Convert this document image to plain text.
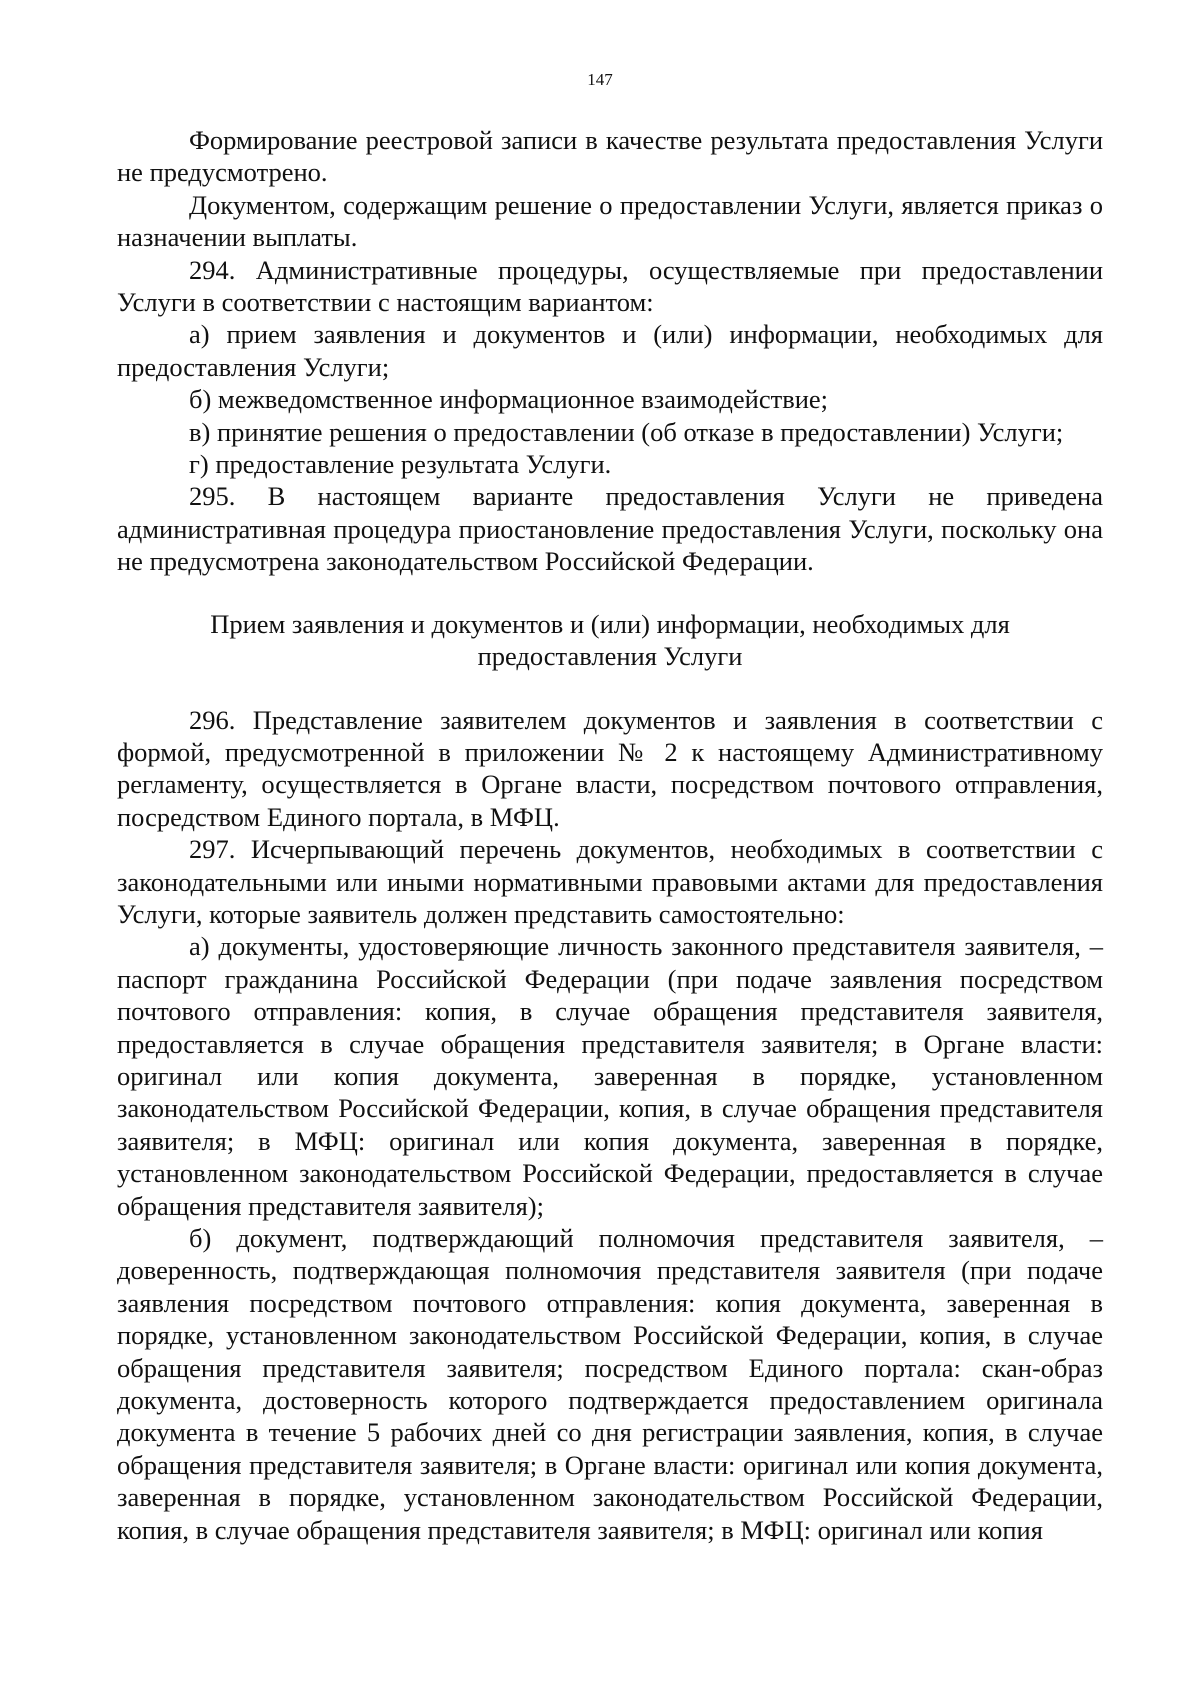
147

Формирование реестровой записи в качестве результата предоставления Услуги не предусмотрено.

Документом, содержащим решение о предоставлении Услуги, является приказ о назначении выплаты.

294. Административные процедуры, осуществляемые при предоставлении Услуги в соответствии с настоящим вариантом:

а) прием заявления и документов и (или) информации, необходимых для предоставления Услуги;

б) межведомственное информационное взаимодействие;

в) принятие решения о предоставлении (об отказе в предоставлении) Услуги;

г) предоставление результата Услуги.

295. В настоящем варианте предоставления Услуги не приведена административная процедура приостановление предоставления Услуги, поскольку она не предусмотрена законодательством Российской Федерации.

Прием заявления и документов и (или) информации, необходимых для предоставления Услуги

296. Представление заявителем документов и заявления в соответствии с формой, предусмотренной в приложении № 2 к настоящему Административному регламенту, осуществляется в Органе власти, посредством почтового отправления, посредством Единого портала, в МФЦ.

297. Исчерпывающий перечень документов, необходимых в соответствии с законодательными или иными нормативными правовыми актами для предоставления Услуги, которые заявитель должен представить самостоятельно:

а) документы, удостоверяющие личность законного представителя заявителя, – паспорт гражданина Российской Федерации (при подаче заявления посредством почтового отправления: копия, в случае обращения представителя заявителя, предоставляется в случае обращения представителя заявителя; в Органе власти: оригинал или копия документа, заверенная в порядке, установленном законодательством Российской Федерации, копия, в случае обращения представителя заявителя; в МФЦ: оригинал или копия документа, заверенная в порядке, установленном законодательством Российской Федерации, предоставляется в случае обращения представителя заявителя);

б) документ, подтверждающий полномочия представителя заявителя, – доверенность, подтверждающая полномочия представителя заявителя (при подаче заявления посредством почтового отправления: копия документа, заверенная в порядке, установленном законодательством Российской Федерации, копия, в случае обращения представителя заявителя; посредством Единого портала: скан-образ документа, достоверность которого подтверждается предоставлением оригинала документа в течение 5 рабочих дней со дня регистрации заявления, копия, в случае обращения представителя заявителя; в Органе власти: оригинал или копия документа, заверенная в порядке, установленном законодательством Российской Федерации, копия, в случае обращения представителя заявителя; в МФЦ: оригинал или копия
